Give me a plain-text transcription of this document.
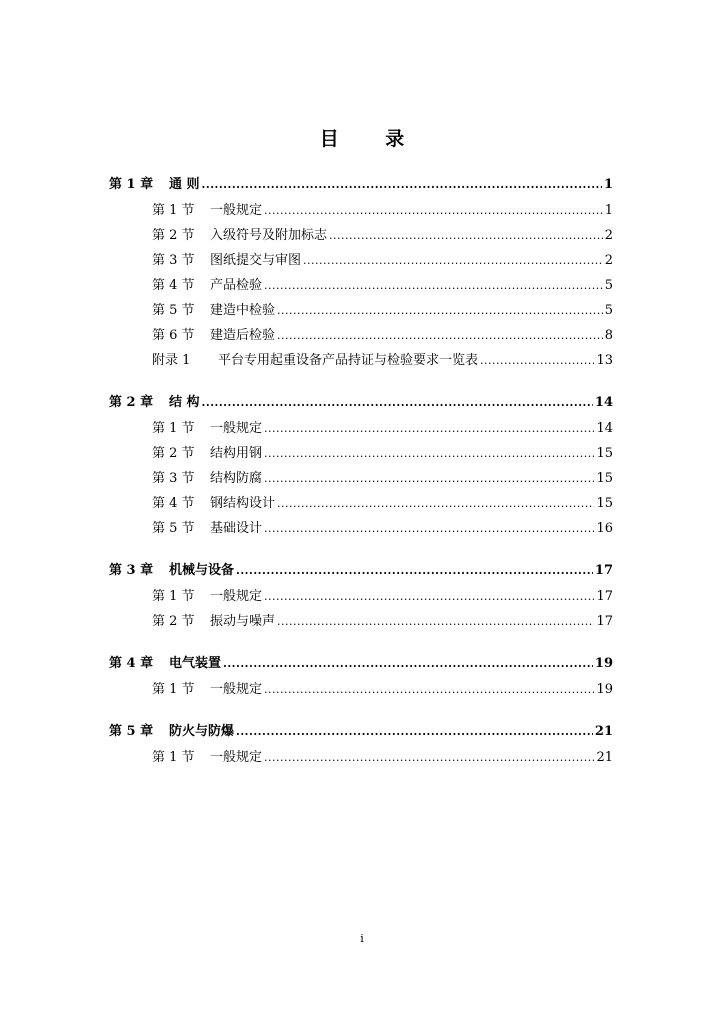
目 录
第 1 章	通 则 .....	1
第 1 节	一般规定 .....	1
第 2 节	入级符号及附加标志 .....	2
第 3 节	图纸提交与审图 .....	2
第 4 节	产品检验 .....	5
第 5 节	建造中检验 .....	5
第 6 节	建造后检验 .....	8
附录 1	平台专用起重设备产品持证与检验要求一览表 .....	13
第 2 章	结 构 .....	14
第 1 节	一般规定 .....	14
第 2 节	结构用钢 .....	15
第 3 节	结构防腐 .....	15
第 4 节	钢结构设计 .....	15
第 5 节	基础设计 .....	16
第 3 章	机械与设备 .....	17
第 1 节	一般规定 .....	17
第 2 节	振动与噪声 .....	17
第 4 章	电气装置 .....	19
第 1 节	一般规定 .....	19
第 5 章	防火与防爆 .....	21
第 1 节	一般规定 .....	21
i
